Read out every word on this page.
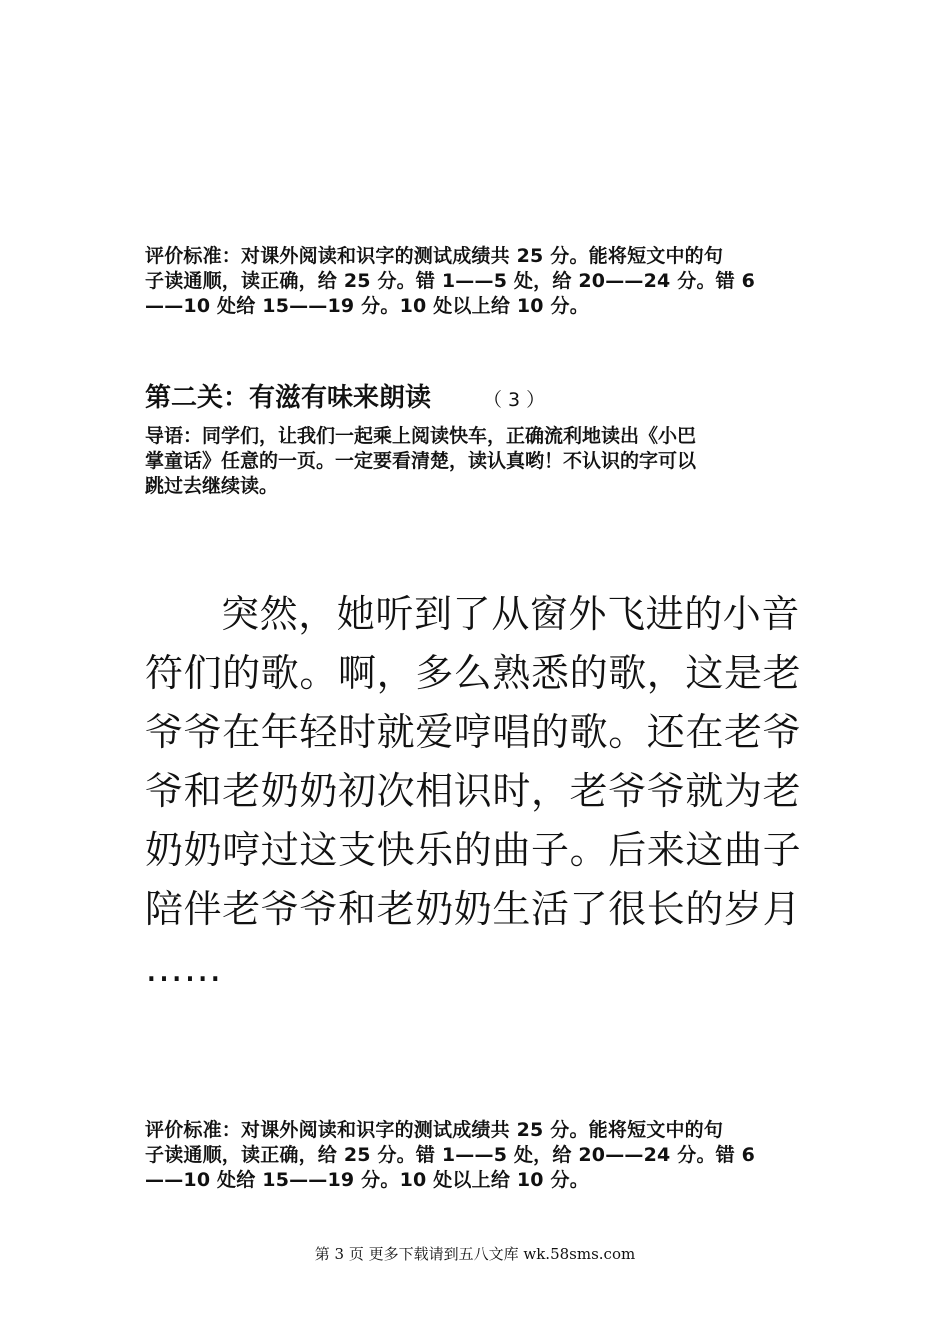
评价标准：对课外阅读和识字的测试成绩共 25 分。能将短文中的句
子读通顺，读正确，给 25 分。错 1——5 处，给 20——24 分。错 6
——10 处给 15——19 分。10 处以上给 10 分。
第二关：有滋有味来朗读	（ 3 ）
导语：同学们，让我们一起乘上阅读快车，正确流利地读出《小巴
掌童话》任意的一页。一定要看清楚，读认真哟！不认识的字可以
跳过去继续读。
突然，她听到了从窗外飞进的小音
符们的歌。啊，多么熟悉的歌，这是老
爷爷在年轻时就爱哼唱的歌。还在老爷
爷和老奶奶初次相识时，老爷爷就为老
奶奶哼过这支快乐的曲子。后来这曲子
陪伴老爷爷和老奶奶生活了很长的岁月
……
评价标准：对课外阅读和识字的测试成绩共 25 分。能将短文中的句
子读通顺，读正确，给 25 分。错 1——5 处，给 20——24 分。错 6
——10 处给 15——19 分。10 处以上给 10 分。
第 3 页 更多下载请到五八文库 wk.58sms.com
